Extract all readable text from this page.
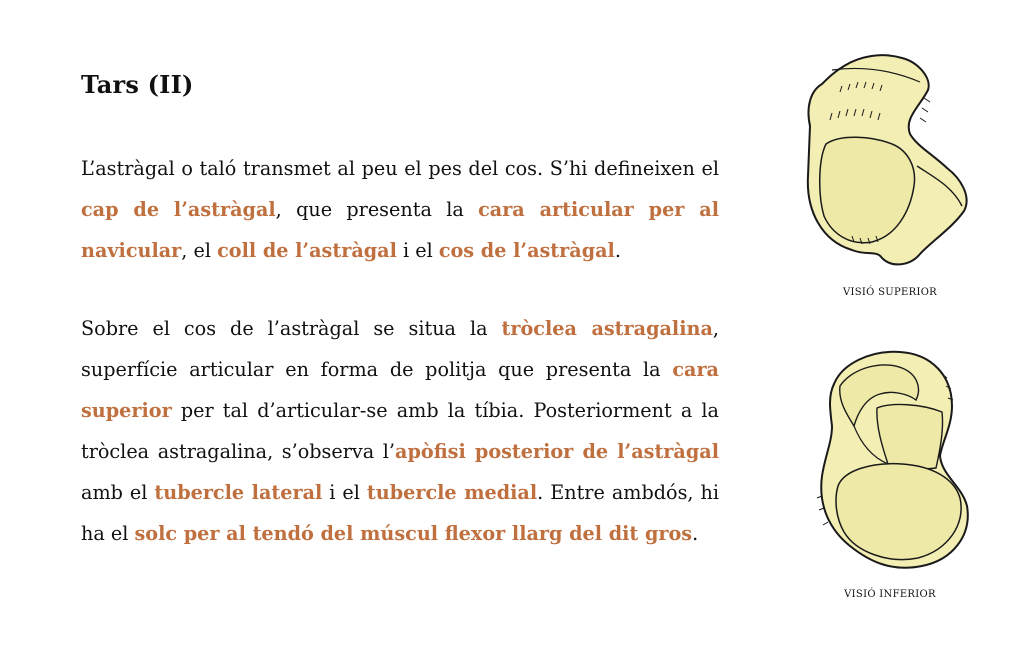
Tars (II)

L’astràgal o taló transmet al peu el pes del cos. S’hi defineixen el cap de l’astràgal, que presenta la cara articular per al navicular, el coll de l’astràgal i el cos de l’astràgal.

Sobre el cos de l’astràgal se situa la tròclea astragalina, superfície articular en forma de politja que presenta la cara superior per tal d’articular-se amb la tíbia. Posteriorment a la tròclea astragalina, s’observa l’apòfisi posterior de l’astràgal amb el tubercle lateral i el tubercle medial. Entre ambdós, hi ha el solc per al tendó del múscul flexor llarg del dit gros.

VISIÓ SUPERIOR
VISIÓ INFERIOR
